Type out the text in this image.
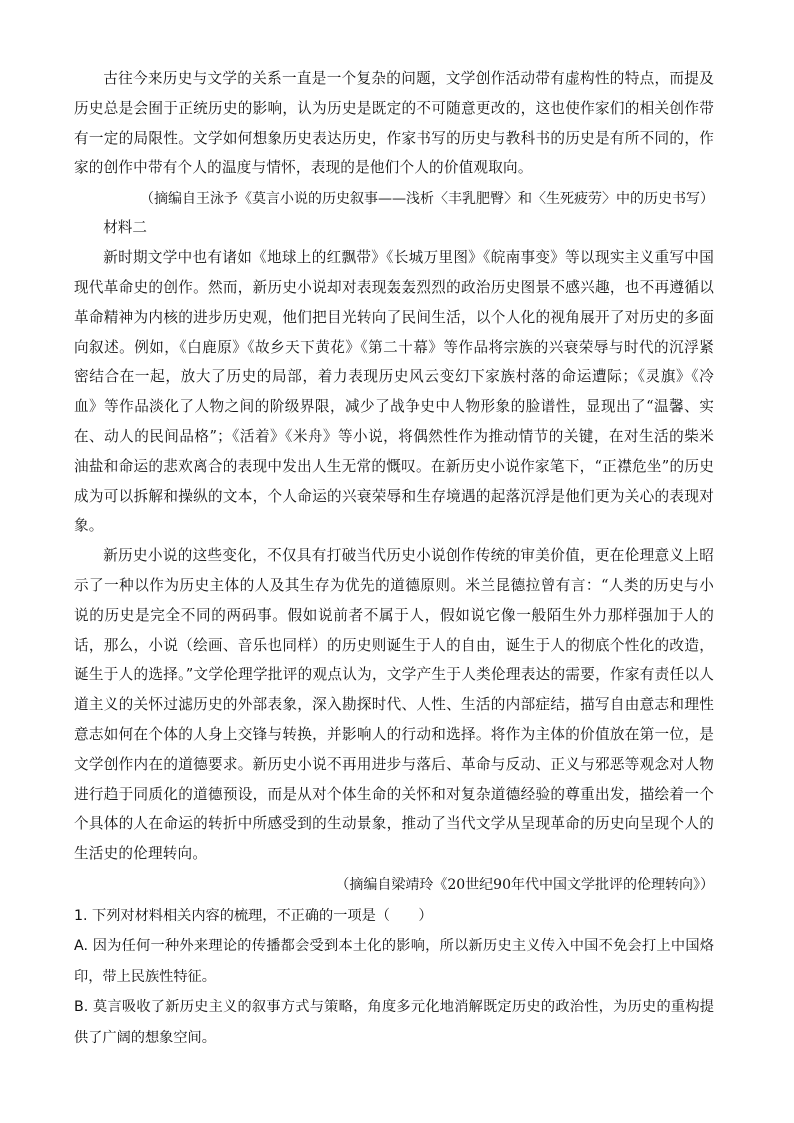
古往今来历史与文学的关系一直是一个复杂的问题，文学创作活动带有虚构性的特点，而提及历史总是会囿于正统历史的影响，认为历史是既定的不可随意更改的，这也使作家们的相关创作带有一定的局限性。文学如何想象历史表达历史，作家书写的历史与教科书的历史是有所不同的，作家的创作中带有个人的温度与情怀，表现的是他们个人的价值观取向。

（摘编自王泳予《莫言小说的历史叙事——浅析〈丰乳肥臀〉和〈生死疲劳〉中的历史书写）

材料二

新时期文学中也有诸如《地球上的红飘带》《长城万里图》《皖南事变》等以现实主义重写中国现代革命史的创作。然而，新历史小说却对表现轰轰烈烈的政治历史图景不感兴趣，也不再遵循以革命精神为内核的进步历史观，他们把目光转向了民间生活，以个人化的视角展开了对历史的多面向叙述。例如，《白鹿原》《故乡天下黄花》《第二十幕》等作品将宗族的兴衰荣辱与时代的沉浮紧密结合在一起，放大了历史的局部，着力表现历史风云变幻下家族村落的命运遭际；《灵旗》《冷血》等作品淡化了人物之间的阶级界限，减少了战争史中人物形象的脸谱性，显现出了“温馨、实在、动人的民间品格”；《活着》《米舟》等小说，将偶然性作为推动情节的关键，在对生活的柴米油盐和命运的悲欢离合的表现中发出人生无常的慨叹。在新历史小说作家笔下，“正襟危坐”的历史成为可以拆解和操纵的文本，个人命运的兴衰荣辱和生存境遇的起落沉浮是他们更为关心的表现对象。

新历史小说的这些变化，不仅具有打破当代历史小说创作传统的审美价值，更在伦理意义上昭示了一种以作为历史主体的人及其生存为优先的道德原则。米兰昆德拉曾有言：“人类的历史与小说的历史是完全不同的两码事。假如说前者不属于人，假如说它像一般陌生外力那样强加于人的话，那么，小说（绘画、音乐也同样）的历史则诞生于人的自由，诞生于人的彻底个性化的改造，诞生于人的选择。”文学伦理学批评的观点认为，文学产生于人类伦理表达的需要，作家有责任以人道主义的关怀过滤历史的外部表象，深入勘探时代、人性、生活的内部症结，描写自由意志和理性意志如何在个体的人身上交锋与转换，并影响人的行动和选择。将作为主体的价值放在第一位，是文学创作内在的道德要求。新历史小说不再用进步与落后、革命与反动、正义与邪恶等观念对人物进行趋于同质化的道德预设，而是从对个体生命的关怀和对复杂道德经验的尊重出发，描绘着一个个具体的人在命运的转折中所感受到的生动景象，推动了当代文学从呈现革命的历史向呈现个人的生活史的伦理转向。

（摘编自梁靖玲《20世纪90年代中国文学批评的伦理转向》）

1. 下列对材料相关内容的梳理，不正确的一项是（　　）

A. 因为任何一种外来理论的传播都会受到本土化的影响，所以新历史主义传入中国不免会打上中国烙印，带上民族性特征。

B. 莫言吸收了新历史主义的叙事方式与策略，角度多元化地消解既定历史的政治性，为历史的重构提供了广阔的想象空间。
